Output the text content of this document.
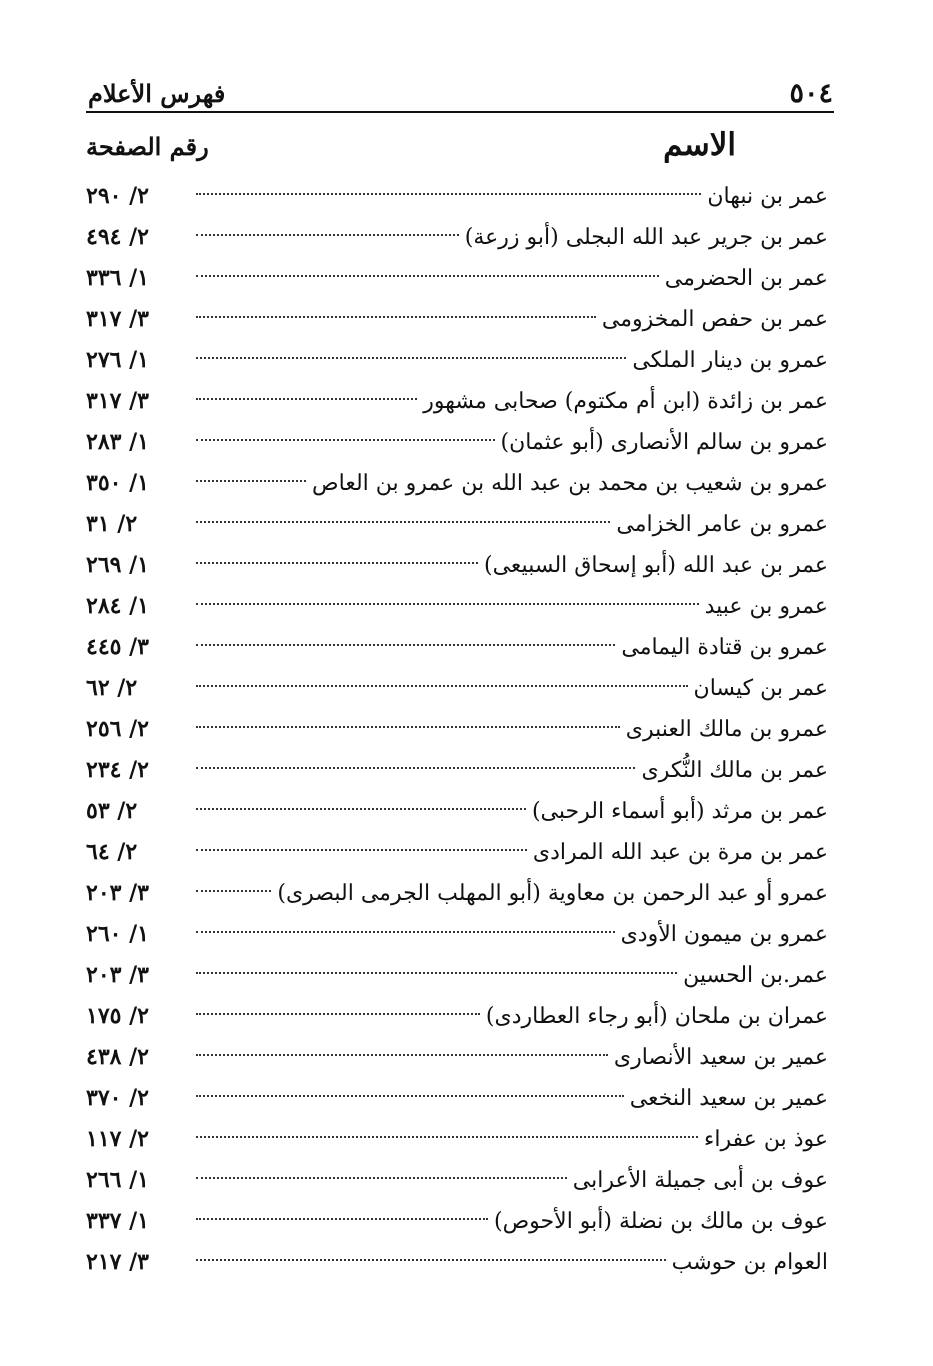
٥٠٤
فهرس الأعلام
الاسم
رقم الصفحة
عمر بن نبهان
٢/ ٢٩٠
عمر بن جرير عبد الله البجلى (أبو زرعة)
٢/ ٤٩٤
عمر بن الحضرمى
١/ ٣٣٦
عمر بن حفص المخزومى
٣/ ٣١٧
عمرو بن دينار الملكى
١/ ٢٧٦
عمر بن زائدة (ابن أم مكتوم) صحابى مشهور
٣/ ٣١٧
عمرو بن سالم الأنصارى (أبو عثمان)
١/ ٢٨٣
عمرو بن شعيب بن محمد بن عبد الله بن عمرو بن العاص
١/ ٣٥٠
عمرو بن عامر الخزامى
٢/ ٣١
عمر بن عبد الله (أبو إسحاق السبيعى)
١/ ٢٦٩
عمرو بن عبيد
١/ ٢٨٤
عمرو بن قتادة اليمامى
٣/ ٤٤٥
عمر بن كيسان
٢/ ٦٢
عمرو بن مالك العنبرى
٢/ ٢٥٦
عمر بن مالك النُّكرى
٢/ ٢٣٤
عمر بن مرثد (أبو أسماء الرحبى)
٢/ ٥٣
عمر بن مرة بن عبد الله المرادى
٢/ ٦٤
عمرو أو عبد الرحمن بن معاوية (أبو المهلب الجرمى البصرى)
٣/ ٢٠٣
عمرو بن ميمون الأودى
١/ ٢٦٠
عمر.بن الحسين
٣/ ٢٠٣
عمران بن ملحان (أبو رجاء العطاردى)
٢/ ١٧٥
عمير بن سعيد الأنصارى
٢/ ٤٣٨
عمير بن سعيد النخعى
٢/ ٣٧٠
عوذ بن عفراء
٢/ ١١٧
عوف بن أبى جميلة الأعرابى
١/ ٢٦٦
عوف بن مالك بن نضلة (أبو الأحوص)
١/ ٣٣٧
العوام بن حوشب
٣/ ٢١٧
